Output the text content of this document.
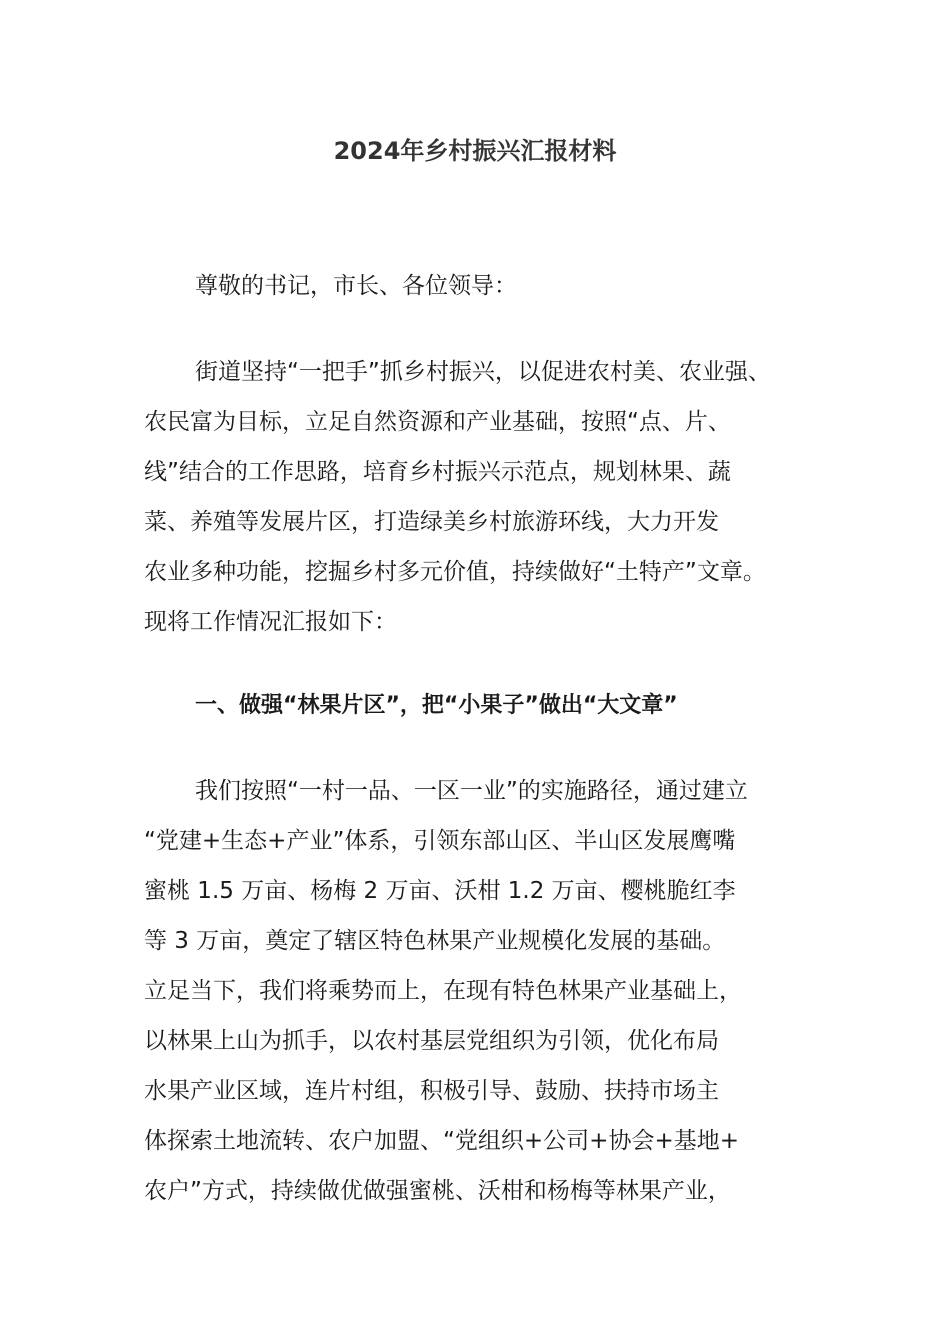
2024年乡村振兴汇报材料
尊敬的书记，市长、各位领导：
街道坚持“一把手”抓乡村振兴，以促进农村美、农业强、
农民富为目标，立足自然资源和产业基础，按照“点、片、
线”结合的工作思路，培育乡村振兴示范点，规划林果、蔬
菜、养殖等发展片区，打造绿美乡村旅游环线，大力开发
农业多种功能，挖掘乡村多元价值，持续做好“土特产”文章。
现将工作情况汇报如下：
一、做强“林果片区”，把“小果子”做出“大文章”
我们按照“一村一品、一区一业”的实施路径，通过建立
“党建+生态+产业”体系，引领东部山区、半山区发展鹰嘴
蜜桃 1.5 万亩、杨梅 2 万亩、沃柑 1.2 万亩、樱桃脆红李
等 3 万亩，奠定了辖区特色林果产业规模化发展的基础。
立足当下，我们将乘势而上，在现有特色林果产业基础上，
以林果上山为抓手，以农村基层党组织为引领，优化布局
水果产业区域，连片村组，积极引导、鼓励、扶持市场主
体探索土地流转、农户加盟、“党组织+公司+协会+基地+
农户”方式，持续做优做强蜜桃、沃柑和杨梅等林果产业，
